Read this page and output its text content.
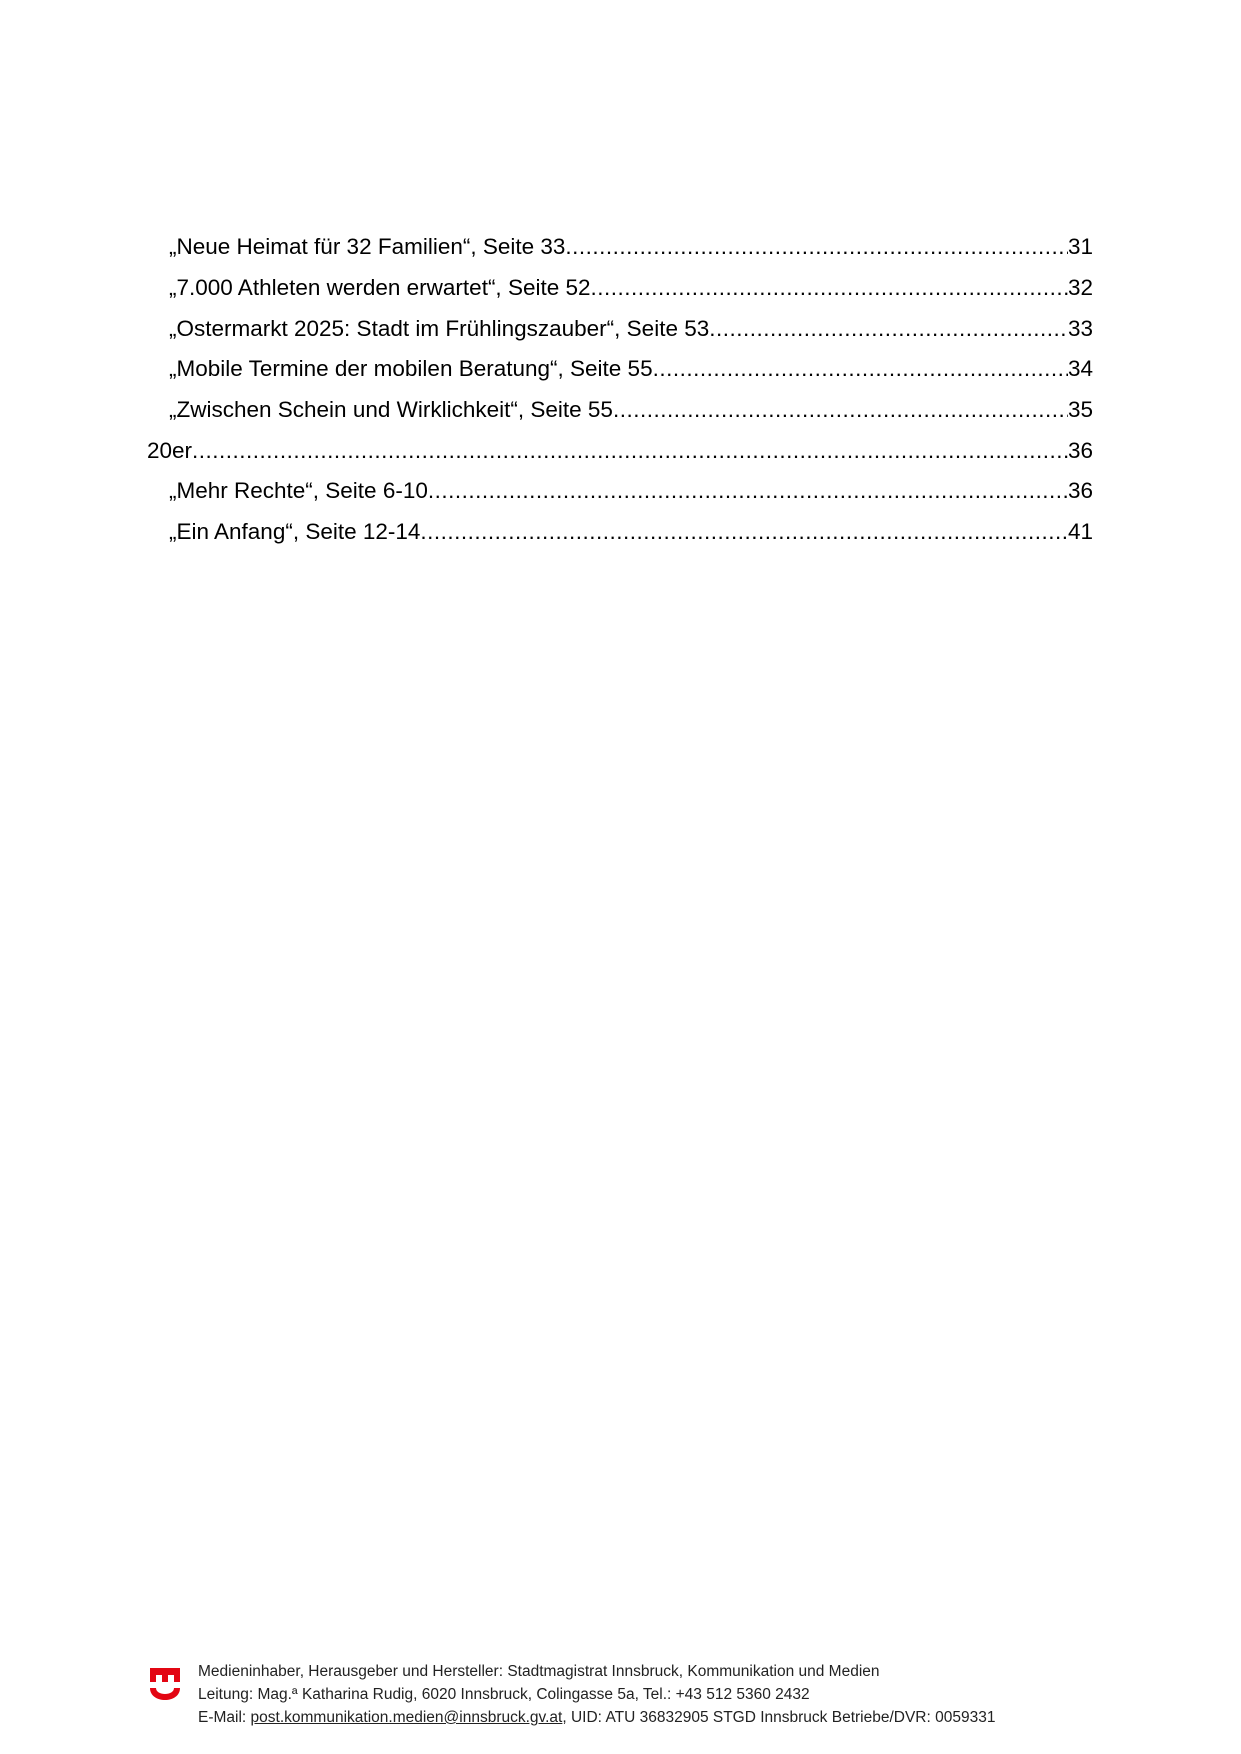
„Neue Heimat für 32 Familien“, Seite 33 .....	31
„7.000 Athleten werden erwartet“, Seite 52 .....	32
„Ostermarkt 2025: Stadt im Frühlingszauber“, Seite 53 .....	33
„Mobile Termine der mobilen Beratung“, Seite 55 .....	34
„Zwischen Schein und Wirklichkeit“, Seite 55 .....	35
20er .....	36
„Mehr Rechte“, Seite 6-10 .....	36
„Ein Anfang“, Seite 12-14 .....	41
Medieninhaber, Herausgeber und Hersteller: Stadtmagistrat Innsbruck, Kommunikation und Medien
Leitung: Mag.ª Katharina Rudig, 6020 Innsbruck, Colingasse 5a, Tel.: +43 512 5360 2432
E-Mail: post.kommunikation.medien@innsbruck.gv.at, UID: ATU 36832905 STGD Innsbruck Betriebe/DVR: 0059331
